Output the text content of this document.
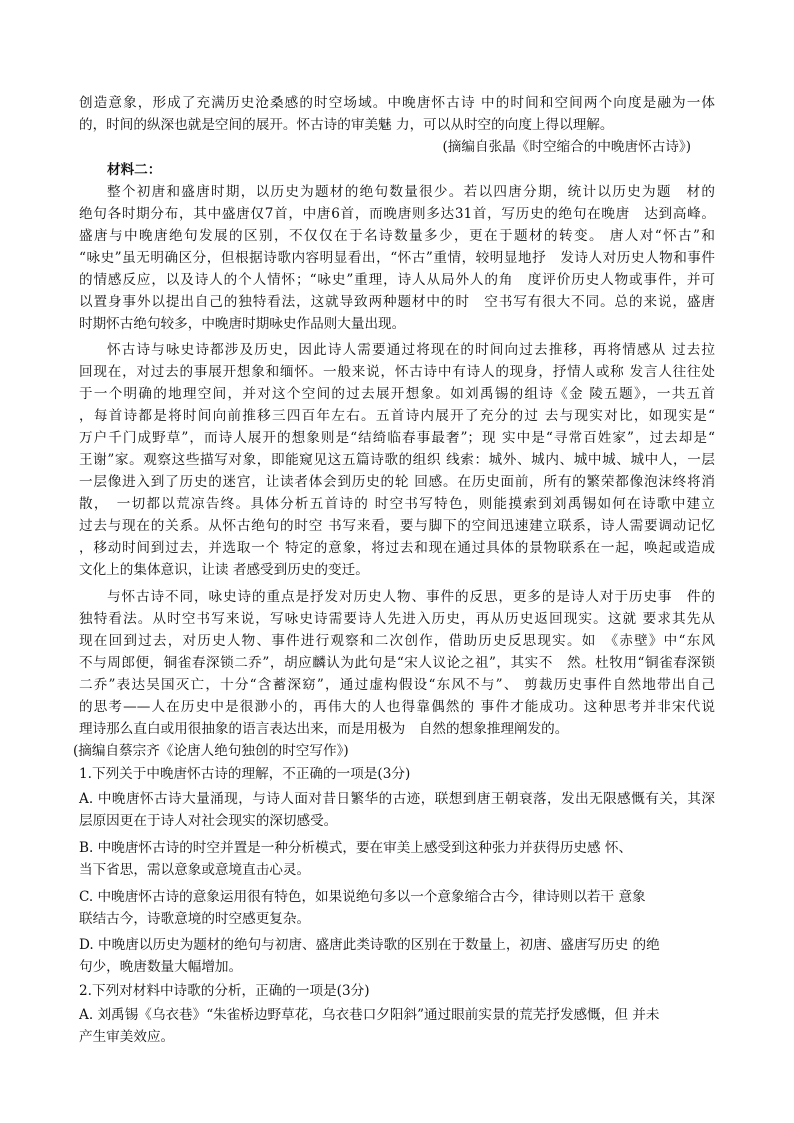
创造意象，形成了充满历史沧桑感的时空场域。中晚唐怀古诗 中的时间和空间两个向度是融为一体
的，时间的纵深也就是空间的展开。怀古诗的审美魅 力，可以从时空的向度上得以理解。
(摘编自张晶《时空缩合的中晚唐怀古诗》)
材料二：
整个初唐和盛唐时期，以历史为题材的绝句数量很少。若以四唐分期，统计以历史为题　材的
绝句各时期分布，其中盛唐仅7首，中唐6首，而晚唐则多达31首，写历史的绝句在晚唐　达到高峰。
盛唐与中晚唐绝句发展的区别，不仅仅在于名诗数量多少，更在于题材的转变。 唐人对“怀古”和
“咏史”虽无明确区分，但根据诗歌内容明显看出，“怀古”重情，较明显地抒　发诗人对历史人物和事件
的情感反应，以及诗人的个人情怀；“咏史”重理，诗人从局外人的角　度评价历史人物或事件，并可
以置身事外以提出自己的独特看法，这就导致两种题材中的时　空书写有很大不同。总的来说，盛唐
时期怀古绝句较多，中晚唐时期咏史作品则大量出现。
怀古诗与咏史诗都涉及历史，因此诗人需要通过将现在的时间向过去推移，再将情感从 过去拉
回现在，对过去的事展开想象和缅怀。一般来说，怀古诗中有诗人的现身，抒情人或称 发言人往往处
于一个明确的地理空间，并对这个空间的过去展开想象。如刘禹锡的组诗《金 陵五题》，一共五首
，每首诗都是将时间向前推移三四百年左右。五首诗内展开了充分的过 去与现实对比，如现实是“
万户千门成野草”，而诗人展开的想象则是“结绮临春事最奢”；现 实中是“寻常百姓家”，过去却是“
王谢”家。观察这些描写对象，即能窥见这五篇诗歌的组织 线索：城外、城内、城中城、城中人，一层
一层像进入到了历史的迷宫，让读者体会到历史的轮 回感。在历史面前，所有的繁荣都像泡沫终将消
散，　一切都以荒凉告终。具体分析五首诗的 时空书写特色，则能摸索到刘禹锡如何在诗歌中建立
过去与现在的关系。从怀古绝句的时空 书写来看，要与脚下的空间迅速建立联系，诗人需要调动记忆
，移动时间到过去，并选取一个 特定的意象，将过去和现在通过具体的景物联系在一起，唤起或造成
文化上的集体意识，让读 者感受到历史的变迁。
与怀古诗不同，咏史诗的重点是抒发对历史人物、事件的反思，更多的是诗人对于历史事　件的
独特看法。从时空书写来说，写咏史诗需要诗人先进入历史，再从历史返回现实。这就 要求其先从
现在回到过去，对历史人物、事件进行观察和二次创作，借助历史反思现实。如　《赤壁》中“东风
不与周郎便，铜雀春深锁二乔”，胡应麟认为此句是“宋人议论之祖”，其实不　然。杜牧用“铜雀春深锁
二乔”表达吴国灭亡，十分“含蓄深窈”，通过虚构假设“东风不与”、 剪裁历史事件自然地带出自己
的思考——人在历史中是很渺小的，再伟大的人也得靠偶然的 事件才能成功。这种思考并非宋代说
理诗那么直白或用很抽象的语言表达出来，而是用极为　自然的想象推理阐发的。
(摘编自蔡宗齐《论唐人绝句独创的时空写作》)
1.下列关于中晚唐怀古诗的理解，不正确的一项是(3分)
A. 中晚唐怀古诗大量涌现，与诗人面对昔日繁华的古迹，联想到唐王朝衰落，发出无限感慨有关，其深
层原因更在于诗人对社会现实的深切感受。
B. 中晚唐怀古诗的时空并置是一种分析模式，要在审美上感受到这种张力并获得历史感 怀、
当下省思，需以意象或意境直击心灵。
C. 中晚唐怀古诗的意象运用很有特色，如果说绝句多以一个意象缩合古今，律诗则以若干 意象
联结古今，诗歌意境的时空感更复杂。
D. 中晚唐以历史为题材的绝句与初唐、盛唐此类诗歌的区别在于数量上，初唐、盛唐写历史 的绝
句少，晚唐数量大幅增加。
2.下列对材料中诗歌的分析，正确的一项是(3分)
A. 刘禹锡《乌衣巷》“朱雀桥边野草花，乌衣巷口夕阳斜”通过眼前实景的荒芜抒发感慨，但 并未
产生审美效应。
